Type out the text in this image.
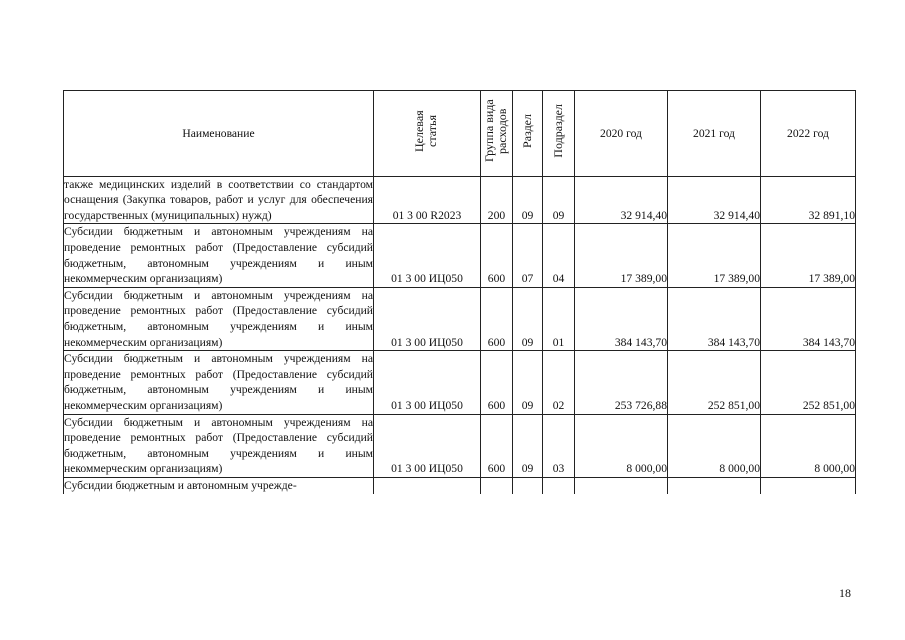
Наименование	Целевая статья	Группа вида расходов	Раздел	Подраздел	2020 год	2021 год	2022 год

также медицинских изделий в соответствии со стандартом оснащения (Закупка товаров, работ и услуг для обеспечения государственных (муниципальных) нужд)	01 3 00 R2023	200	09	09	32 914,40	32 914,40	32 891,10

Субсидии бюджетным и автономным учреждениям на проведение ремонтных работ (Предоставление субсидий бюджетным, автономным учреждениям и иным некоммерческим организациям)	01 3 00 ИЦ050	600	07	04	17 389,00	17 389,00	17 389,00

Субсидии бюджетным и автономным учреждениям на проведение ремонтных работ (Предоставление субсидий бюджетным, автономным учреждениям и иным некоммерческим организациям)	01 3 00 ИЦ050	600	09	01	384 143,70	384 143,70	384 143,70

Субсидии бюджетным и автономным учреждениям на проведение ремонтных работ (Предоставление субсидий бюджетным, автономным учреждениям и иным некоммерческим организациям)	01 3 00 ИЦ050	600	09	02	253 726,88	252 851,00	252 851,00

Субсидии бюджетным и автономным учреждениям на проведение ремонтных работ (Предоставление субсидий бюджетным, автономным учреждениям и иным некоммерческим организациям)	01 3 00 ИЦ050	600	09	03	8 000,00	8 000,00	8 000,00

Субсидии бюджетным и автономным учрежде-							

18
